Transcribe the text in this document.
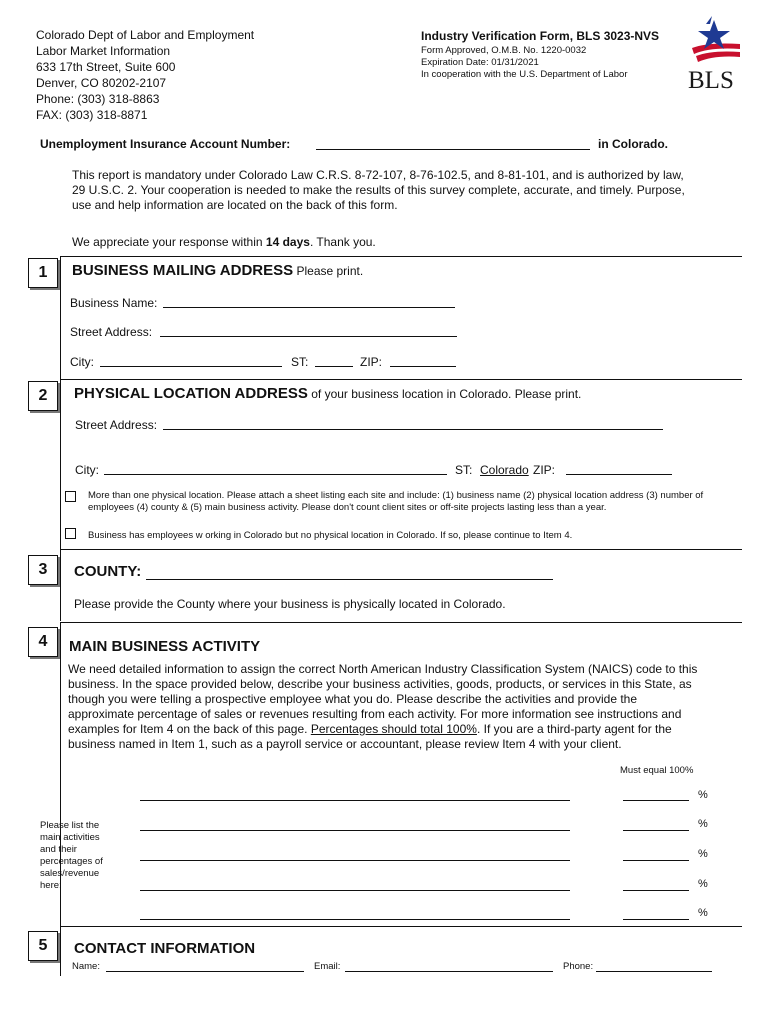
Colorado Dept of Labor and Employment
Labor Market Information
633 17th Street, Suite 600
Denver, CO 80202-2107
Phone: (303) 318-8863
FAX: (303) 318-8871
Industry Verification Form, BLS 3023-NVS
Form Approved, O.M.B. No. 1220-0032
Expiration Date: 01/31/2021
In cooperation with the U.S. Department of Labor	BLS
Unemployment Insurance Account Number:	in Colorado.
This report is mandatory under Colorado Law C.R.S. 8-72-107, 8-76-102.5, and 8-81-101, and is authorized by law, 29 U.S.C. 2. Your cooperation is needed to make the results of this survey complete, accurate, and timely. Purpose, use and help information are located on the back of this form.
We appreciate your response within 14 days. Thank you.
1	BUSINESS MAILING ADDRESS Please print.
Business Name:
Street Address:
City:	ST:	ZIP:
2	PHYSICAL LOCATION ADDRESS of your business location in Colorado. Please print.
Street Address:
City:	ST: Colorado ZIP:
More than one physical location. Please attach a sheet listing each site and include: (1) business name (2) physical location address (3) number of employees (4) county & (5) main business activity. Please don't count client sites or off-site projects lasting less than a year.
Business has employees w orking in Colorado but no physical location in Colorado. If so, please continue to Item 4.
3	COUNTY:
Please provide the County where your business is physically located in Colorado.
4	MAIN BUSINESS ACTIVITY
We need detailed information to assign the correct North American Industry Classification System (NAICS) code to this business. In the space provided below, describe your business activities, goods, products, or services in this State, as though you were telling a prospective employee what you do. Please describe the activities and provide the approximate percentage of sales or revenues resulting from each activity. For more information see instructions and examples for Item 4 on the back of this page. Percentages should total 100%. If you are a third-party agent for the business named in Item 1, such as a payroll service or accountant, please review Item 4 with your client.
Must equal 100%
Please list the main activities and their percentages of sales/revenue here:
%
%
%
%
%
5	CONTACT INFORMATION
Name:	Email:	Phone:
